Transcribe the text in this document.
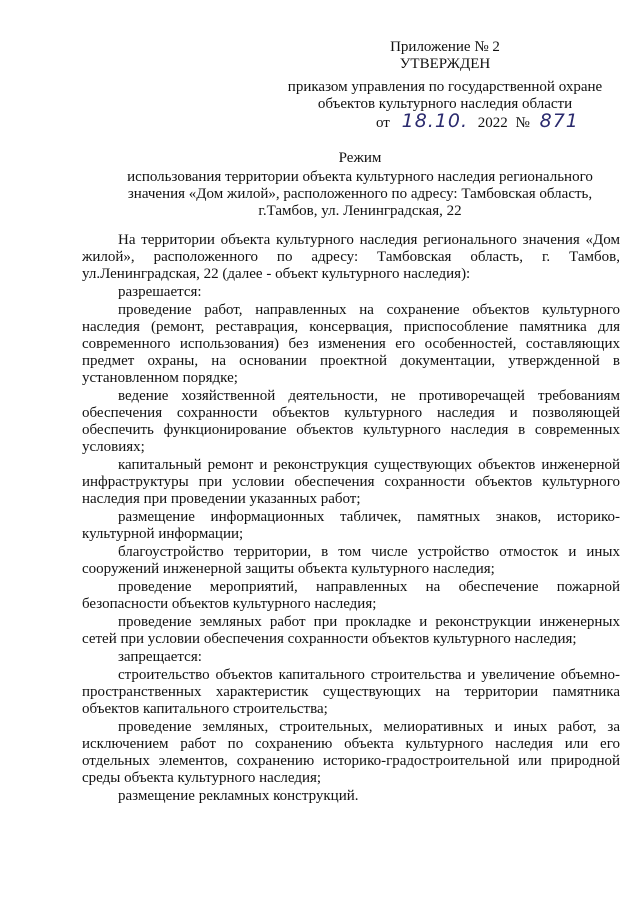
Приложение № 2
УТВЕРЖДЕН
приказом управления по государственной охране
объектов культурного наследия области
от 18.10. 2022 № 871
Режим
использования территории объекта культурного наследия регионального
значения «Дом жилой», расположенного по адресу: Тамбовская область,
г.Тамбов, ул. Ленинградская, 22

На территории объекта культурного наследия регионального значения «Дом жилой», расположенного по адресу: Тамбовская область, г. Тамбов, ул.Ленинградская, 22 (далее - объект культурного наследия):

разрешается:

проведение работ, направленных на сохранение объектов культурного наследия (ремонт, реставрация, консервация, приспособление памятника для современного использования) без изменения его особенностей, составляющих предмет охраны, на основании проектной документации, утвержденной в установленном порядке;

ведение хозяйственной деятельности, не противоречащей требованиям обеспечения сохранности объектов культурного наследия и позволяющей обеспечить функционирование объектов культурного наследия в современных условиях;

капитальный ремонт и реконструкция существующих объектов инженерной инфраструктуры при условии обеспечения сохранности объектов культурного наследия при проведении указанных работ;

размещение информационных табличек, памятных знаков, историко-культурной информации;

благоустройство территории, в том числе устройство отмосток и иных сооружений инженерной защиты объекта культурного наследия;

проведение мероприятий, направленных на обеспечение пожарной безопасности объектов культурного наследия;

проведение земляных работ при прокладке и реконструкции инженерных сетей при условии обеспечения сохранности объектов культурного наследия;

запрещается:

строительство объектов капитального строительства и увеличение объемно-пространственных характеристик существующих на территории памятника объектов капитального строительства;

проведение земляных, строительных, мелиоративных и иных работ, за исключением работ по сохранению объекта культурного наследия или его отдельных элементов, сохранению историко-градостроительной или природной среды объекта культурного наследия;

размещение рекламных конструкций.
